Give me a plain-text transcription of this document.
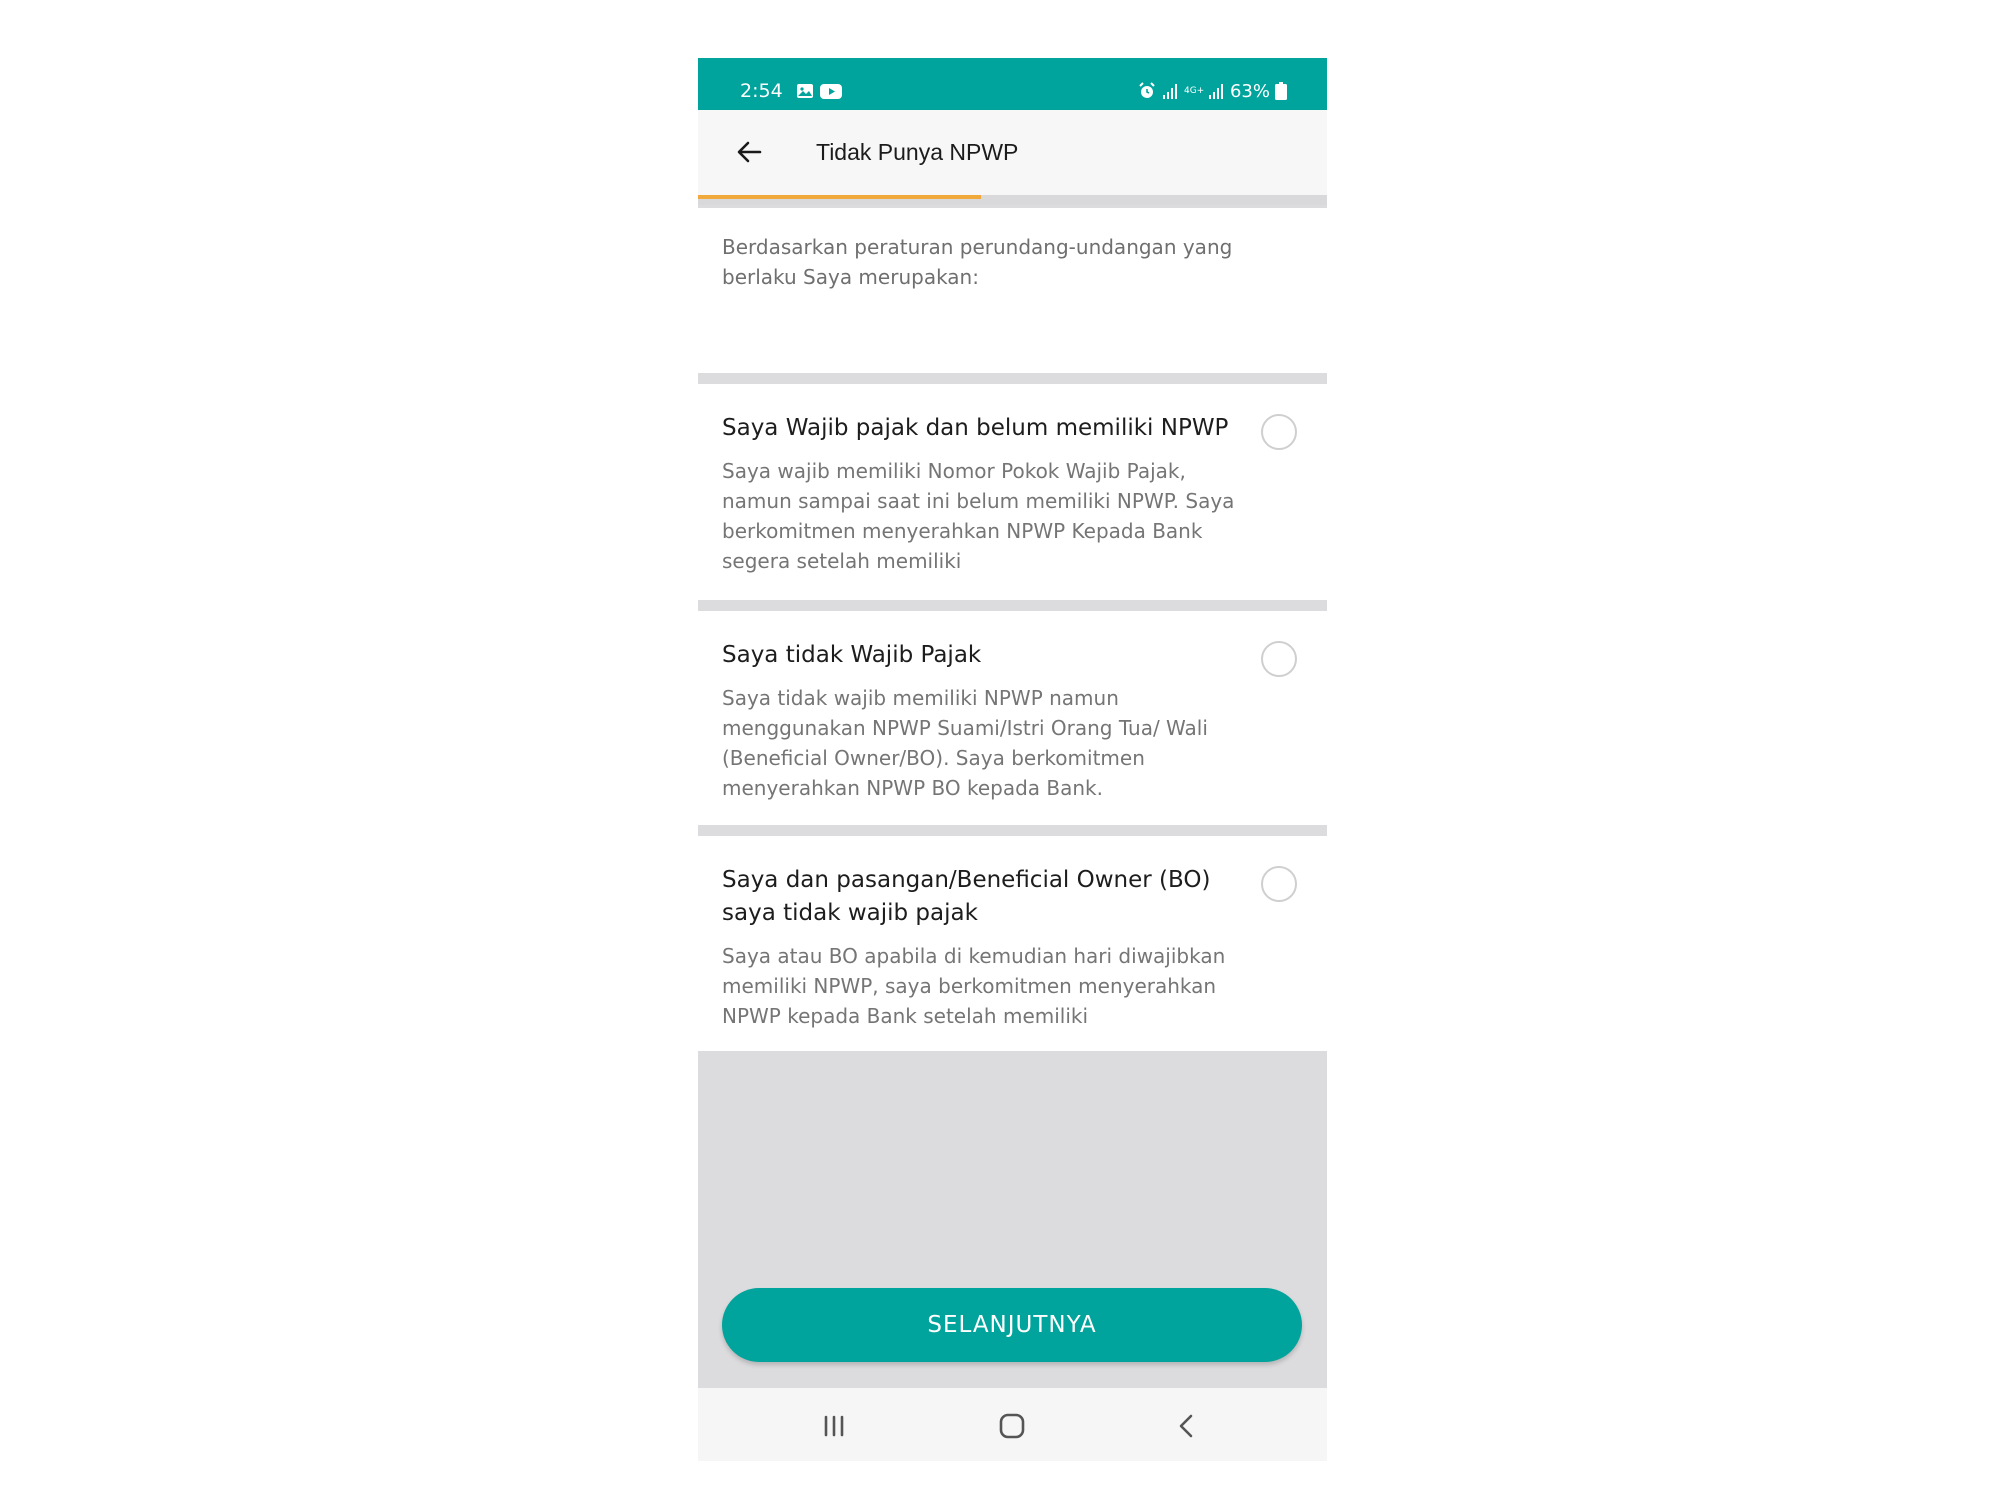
2:54	4G+ 63%
Tidak Punya NPWP
Berdasarkan peraturan perundang-undangan yang berlaku Saya merupakan:
Saya Wajib pajak dan belum memiliki NPWP
Saya wajib memiliki Nomor Pokok Wajib Pajak, namun sampai saat ini belum memiliki NPWP. Saya berkomitmen menyerahkan NPWP Kepada Bank segera setelah memiliki
Saya tidak Wajib Pajak
Saya tidak wajib memiliki NPWP namun menggunakan NPWP Suami/Istri Orang Tua/ Wali (Beneficial Owner/BO). Saya berkomitmen menyerahkan NPWP BO kepada Bank.
Saya dan pasangan/Beneficial Owner (BO) saya tidak wajib pajak
Saya atau BO apabila di kemudian hari diwajibkan memiliki NPWP, saya berkomitmen menyerahkan NPWP kepada Bank setelah memiliki
SELANJUTNYA
